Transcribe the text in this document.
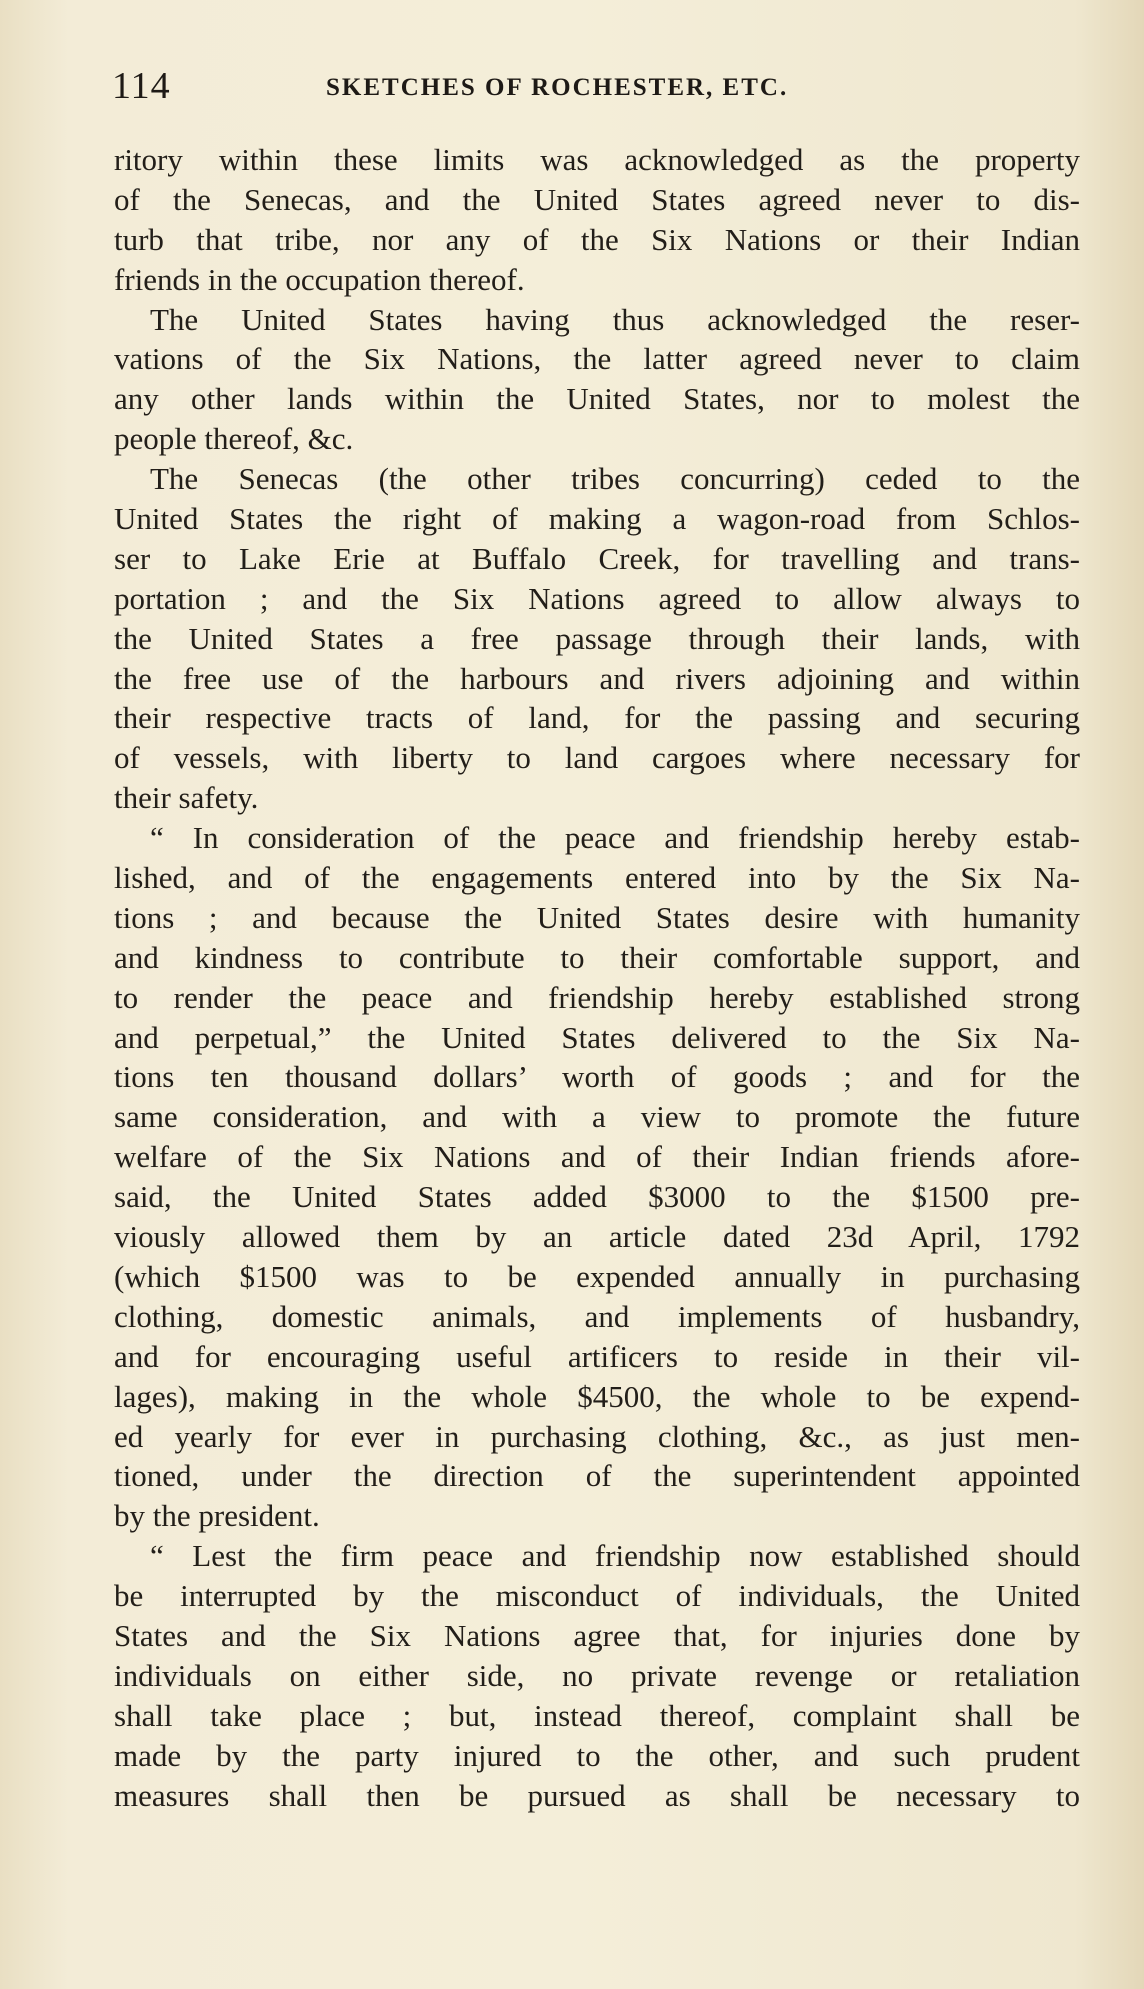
114	SKETCHES OF ROCHESTER, ETC.
ritory within these limits was acknowledged as the property
of the Senecas, and the United States agreed never to dis-
turb that tribe, nor any of the Six Nations or their Indian
friends in the occupation thereof.
The United States having thus acknowledged the reser-
vations of the Six Nations, the latter agreed never to claim
any other lands within the United States, nor to molest the
people thereof, &c.
The Senecas (the other tribes concurring) ceded to the
United States the right of making a wagon-road from Schlos-
ser to Lake Erie at Buffalo Creek, for travelling and trans-
portation ; and the Six Nations agreed to allow always to
the United States a free passage through their lands, with
the free use of the harbours and rivers adjoining and within
their respective tracts of land, for the passing and securing
of vessels, with liberty to land cargoes where necessary for
their safety.
“ In consideration of the peace and friendship hereby estab-
lished, and of the engagements entered into by the Six Na-
tions ; and because the United States desire with humanity
and kindness to contribute to their comfortable support, and
to render the peace and friendship hereby established strong
and perpetual,” the United States delivered to the Six Na-
tions ten thousand dollars’ worth of goods ; and for the
same consideration, and with a view to promote the future
welfare of the Six Nations and of their Indian friends afore-
said, the United States added $3000 to the $1500 pre-
viously allowed them by an article dated 23d April, 1792
(which $1500 was to be expended annually in purchasing
clothing, domestic animals, and implements of husbandry,
and for encouraging useful artificers to reside in their vil-
lages), making in the whole $4500, the whole to be expend-
ed yearly for ever in purchasing clothing, &c., as just men-
tioned, under the direction of the superintendent appointed
by the president.
“ Lest the firm peace and friendship now established should
be interrupted by the misconduct of individuals, the United
States and the Six Nations agree that, for injuries done by
individuals on either side, no private revenge or retaliation
shall take place ; but, instead thereof, complaint shall be
made by the party injured to the other, and such prudent
measures shall then be pursued as shall be necessary to
